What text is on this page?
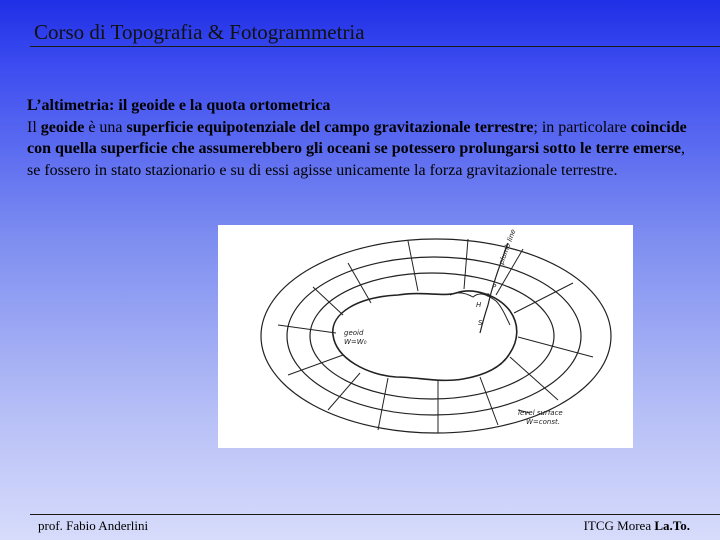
Corso di Topografia & Fotogrammetria
L’altimetria: il geoide e la quota ortometrica
Il geoide è una superficie equipotenziale del campo gravitazionale terrestre; in particolare coincide con quella superficie che assumerebbero gli oceani se potessero prolungarsi sotto le terre emerse, se fossero in stato stazionario e su di essi agisse unicamente la forza gravitazionale terrestre.
plumb line
P
H
S
geoid
W=W₀
level surface
W=const.
prof. Fabio Anderlini	ITCG Morea La.To.
